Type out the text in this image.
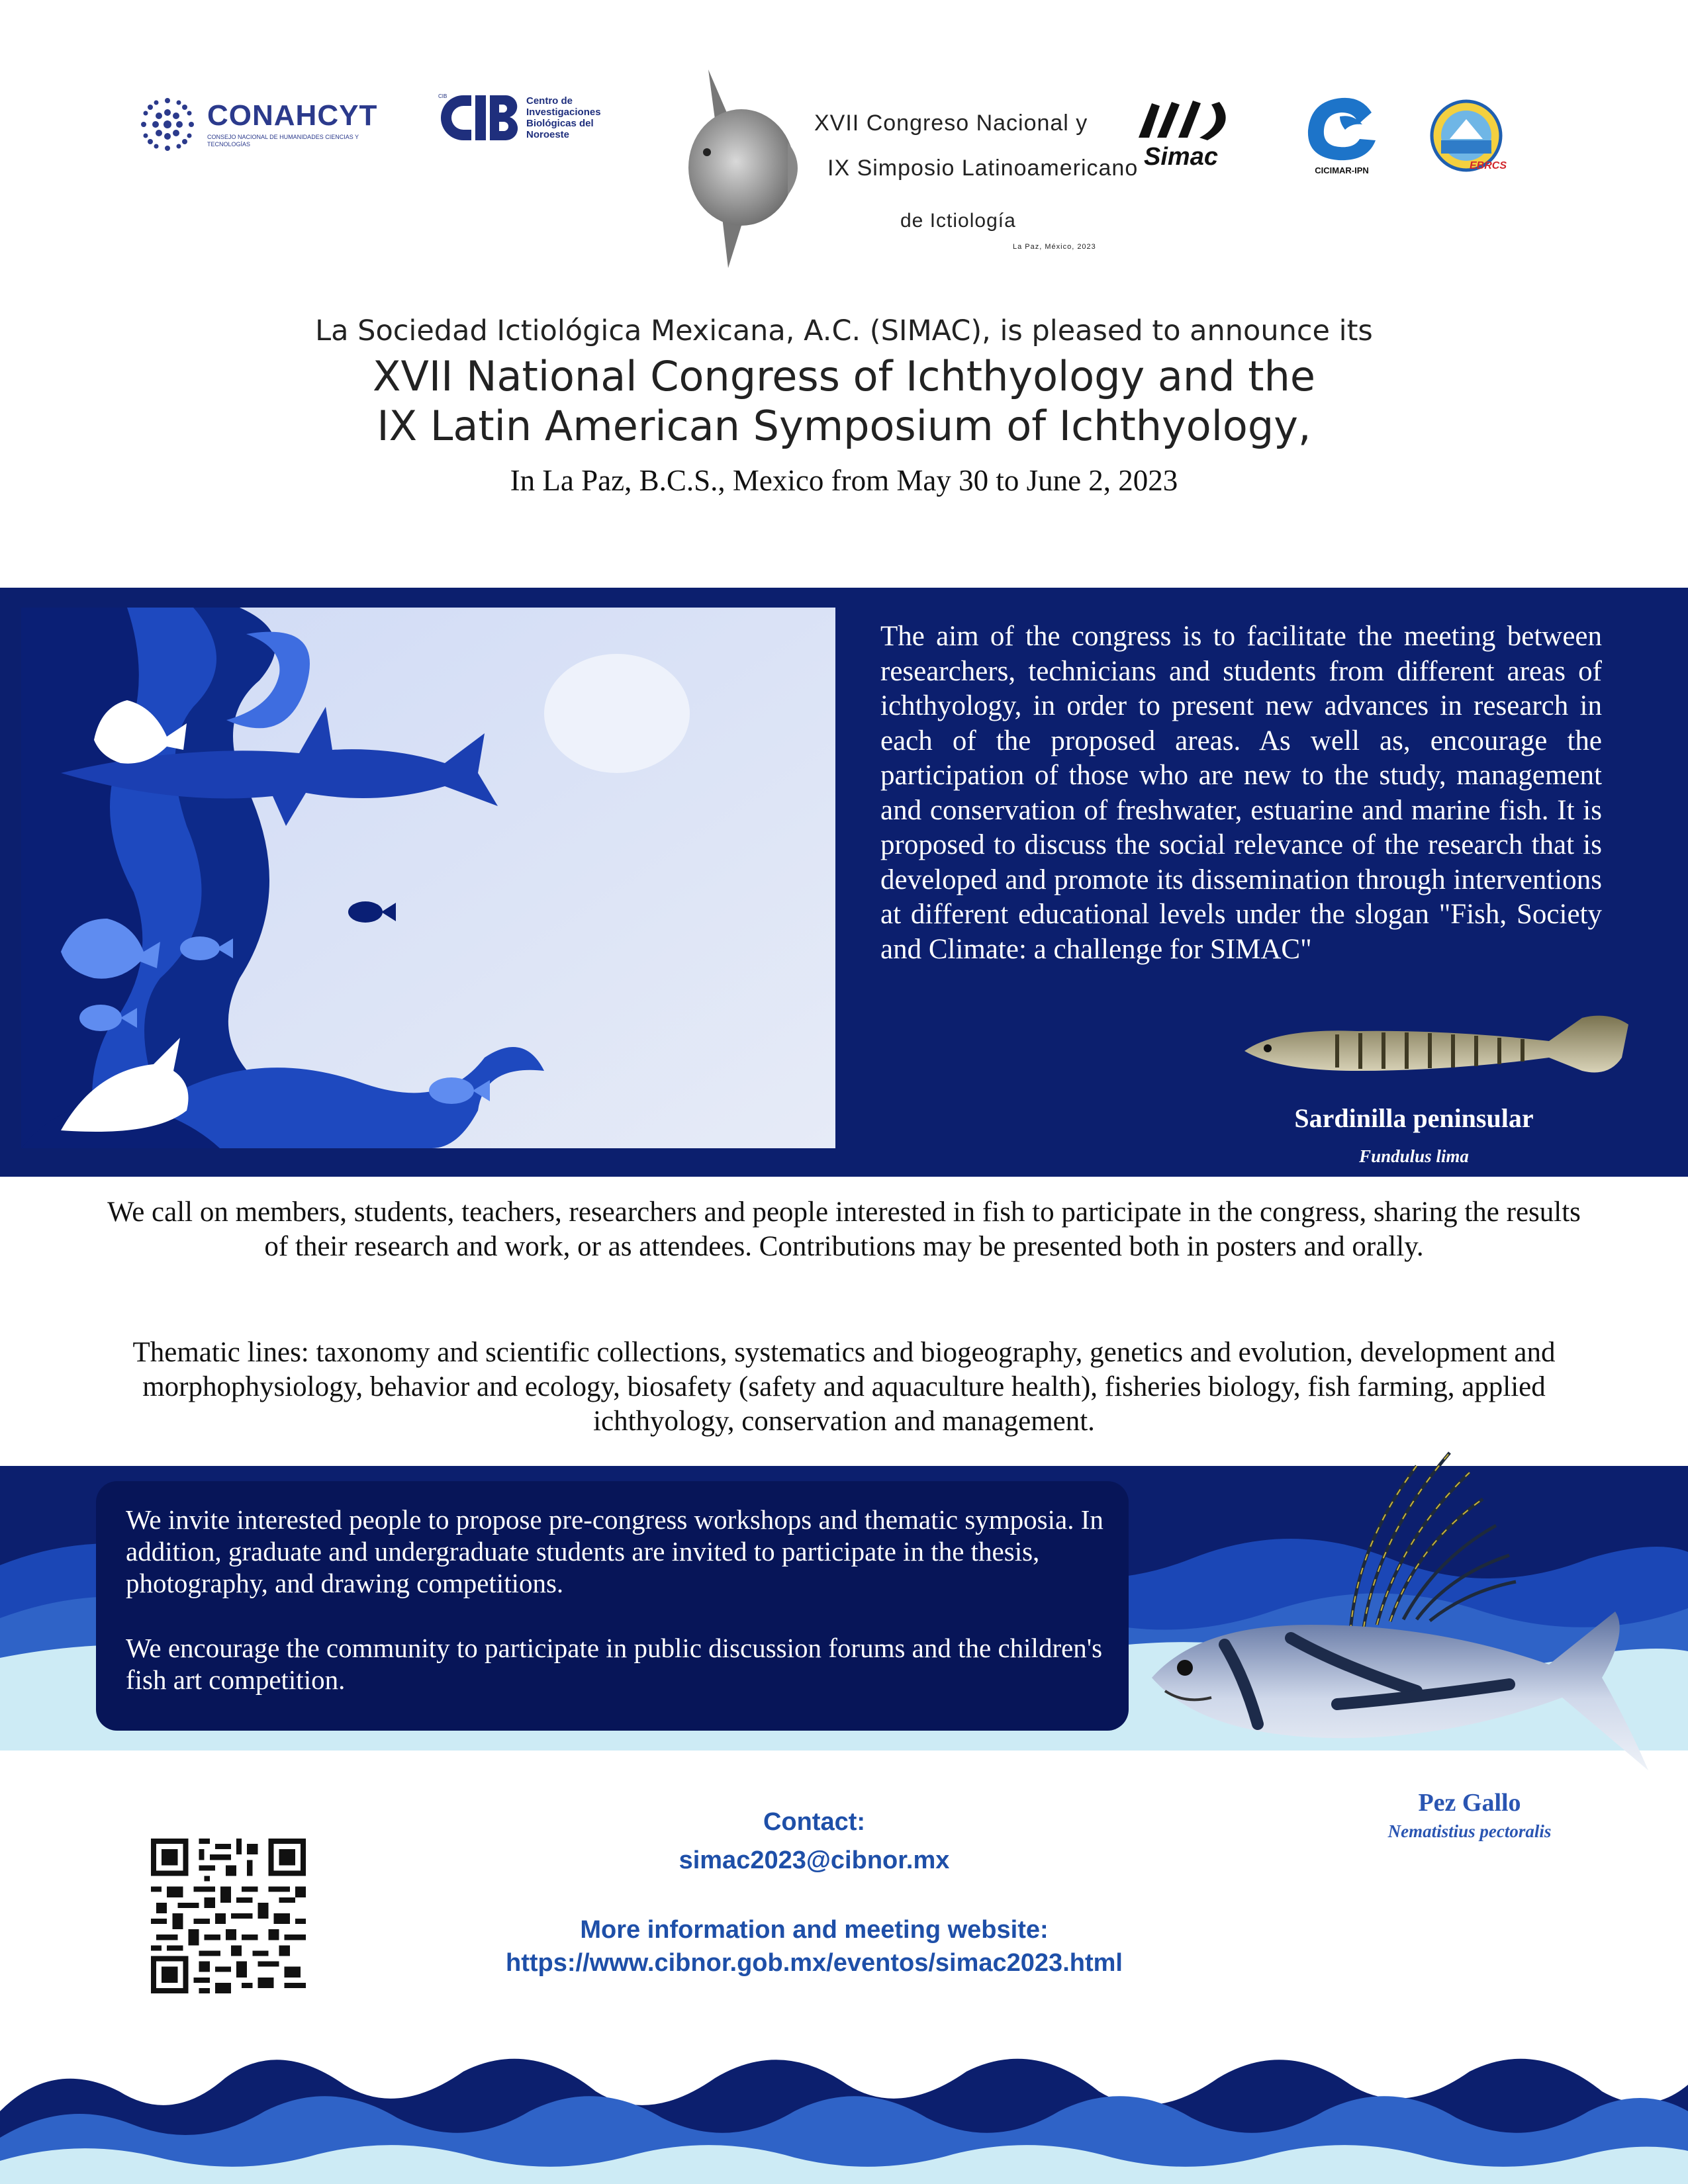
CONAHCYT
CONSEJO NACIONAL DE HUMANIDADES CIENCIAS Y TECNOLOGÍAS
CIB	Centro de Investigaciones Biológicas del Noroeste	XVII Congreso Nacional y
IX Simposio Latinoamericano
de Ictiología
La Paz, México, 2023
Simac	CICIMAR-IPN	EBRCS
La Sociedad Ictiológica Mexicana, A.C. (SIMAC), is pleased to announce its
XVII National Congress of Ichthyology and the
IX Latin American Symposium of Ichthyology,
In La Paz, B.C.S., Mexico from May 30 to June 2, 2023
The aim of the congress is to facilitate the meeting between researchers, technicians and students from different areas of ichthyology, in order to present new advances in research in each of the proposed areas. As well as, encourage the participation of those who are new to the study, management and conservation of freshwater, estuarine and marine fish. It is proposed to discuss the social relevance of the research that is developed and promote its dissemination through interventions at different educational levels under the slogan "Fish, Society and Climate: a challenge for SIMAC"
Sardinilla peninsular
Fundulus lima
We call on members, students, teachers, researchers and people interested in fish to participate in the congress, sharing the results of their research and work, or as attendees. Contributions may be presented both in posters and orally.
Thematic lines: taxonomy and scientific collections, systematics and biogeography, genetics and evolution, development and morphophysiology, behavior and ecology, biosafety (safety and aquaculture health), fisheries biology, fish farming, applied ichthyology, conservation and management.
We invite interested people to propose pre-congress workshops and thematic symposia. In addition, graduate and undergraduate students are invited to participate in the thesis, photography, and drawing competitions.
We encourage the community to participate in public discussion forums and the children's fish art competition.
Pez Gallo
Nematistius pectoralis
Contact:
simac2023@cibnor.mx
More information and meeting website:
https://www.cibnor.gob.mx/eventos/simac2023.html
